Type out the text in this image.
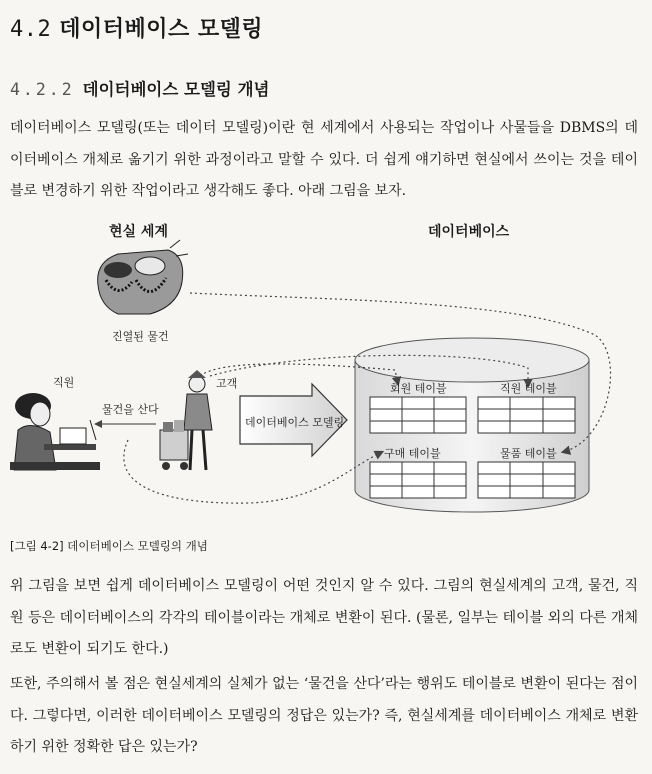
4.2 데이터베이스 모델링
4.2.2 데이터베이스 모델링 개념

데이터베이스 모델링(또는 데이터 모델링)이란 현 세계에서 사용되는 작업이나 사물들을 DBMS의 데이터베이스 개체로 옮기기 위한 과정이라고 말할 수 있다. 더 쉽게 얘기하면 현실에서 쓰이는 것을 테이블로 변경하기 위한 작업이라고 생각해도 좋다. 아래 그림을 보자.

현실 세계	데이터베이스
진열된 물건
직원	고객
물건을 산다
데이터베이스 모델링
회원 테이블	직원 테이블
구매 테이블	물품 테이블
[그림 4-2] 데이터베이스 모델링의 개념

위 그림을 보면 쉽게 데이터베이스 모델링이 어떤 것인지 알 수 있다. 그림의 현실세계의 고객, 물건, 직원 등은 데이터베이스의 각각의 테이블이라는 개체로 변환이 된다. (물론, 일부는 테이블 외의 다른 개체로도 변환이 되기도 한다.)

또한, 주의해서 볼 점은 현실세계의 실체가 없는 ‘물건을 산다’라는 행위도 테이블로 변환이 된다는 점이다. 그렇다면, 이러한 데이터베이스 모델링의 정답은 있는가? 즉, 현실세계를 데이터베이스 개체로 변환하기 위한 정확한 답은 있는가?
